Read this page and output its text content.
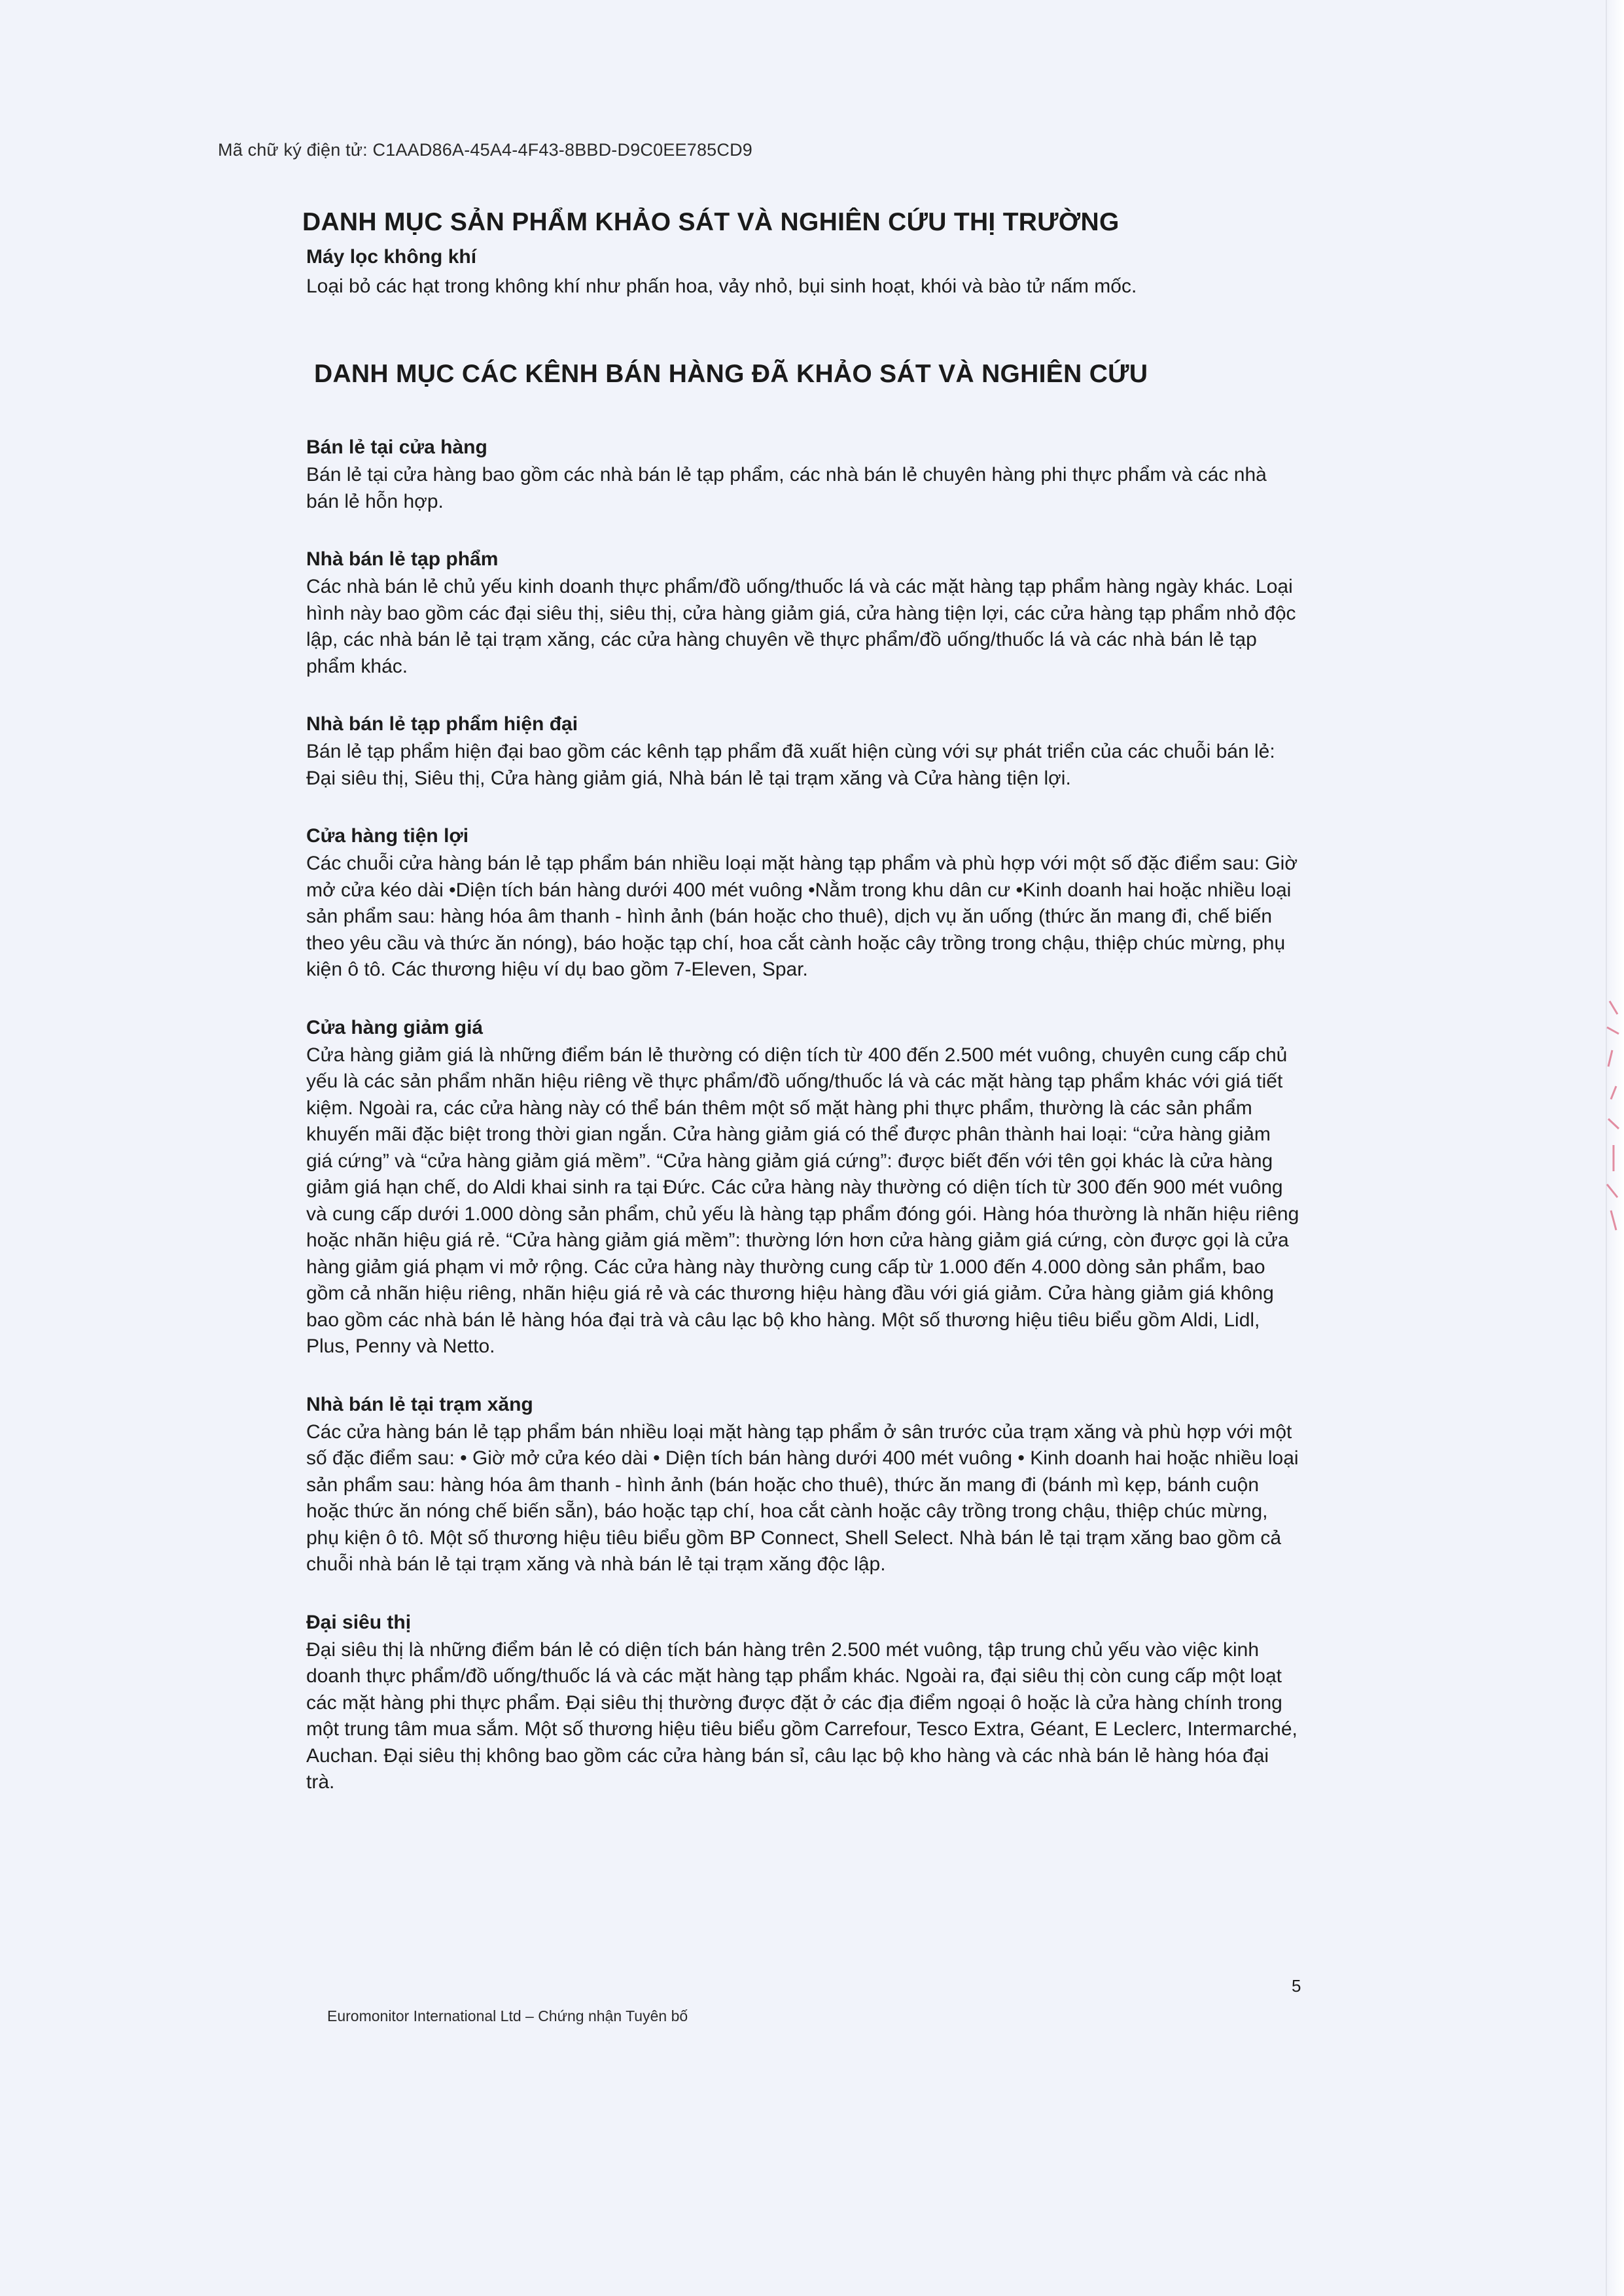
Mã chữ ký điện tử: C1AAD86A-45A4-4F43-8BBD-D9C0EE785CD9
DANH MỤC SẢN PHẨM KHẢO SÁT VÀ NGHIÊN CỨU THỊ TRƯỜNG
Máy lọc không khí

Loại bỏ các hạt trong không khí như phấn hoa, vảy nhỏ, bụi sinh hoạt, khói và bào tử nấm mốc.

DANH MỤC CÁC KÊNH BÁN HÀNG ĐÃ KHẢO SÁT VÀ NGHIÊN CỨU

Bán lẻ tại cửa hàng

Bán lẻ tại cửa hàng bao gồm các nhà bán lẻ tạp phẩm, các nhà bán lẻ chuyên hàng phi thực phẩm và các nhà bán lẻ hỗn hợp.

Nhà bán lẻ tạp phẩm

Các nhà bán lẻ chủ yếu kinh doanh thực phẩm/đồ uống/thuốc lá và các mặt hàng tạp phẩm hàng ngày khác. Loại hình này bao gồm các đại siêu thị, siêu thị, cửa hàng giảm giá, cửa hàng tiện lợi, các cửa hàng tạp phẩm nhỏ độc lập, các nhà bán lẻ tại trạm xăng, các cửa hàng chuyên về thực phẩm/đồ uống/thuốc lá và các nhà bán lẻ tạp phẩm khác.

Nhà bán lẻ tạp phẩm hiện đại

Bán lẻ tạp phẩm hiện đại bao gồm các kênh tạp phẩm đã xuất hiện cùng với sự phát triển của các chuỗi bán lẻ: Đại siêu thị, Siêu thị, Cửa hàng giảm giá, Nhà bán lẻ tại trạm xăng và Cửa hàng tiện lợi.

Cửa hàng tiện lợi

Các chuỗi cửa hàng bán lẻ tạp phẩm bán nhiều loại mặt hàng tạp phẩm và phù hợp với một số đặc điểm sau: Giờ mở cửa kéo dài •Diện tích bán hàng dưới 400 mét vuông •Nằm trong khu dân cư •Kinh doanh hai hoặc nhiều loại sản phẩm sau: hàng hóa âm thanh - hình ảnh (bán hoặc cho thuê), dịch vụ ăn uống (thức ăn mang đi, chế biến theo yêu cầu và thức ăn nóng), báo hoặc tạp chí, hoa cắt cành hoặc cây trồng trong chậu, thiệp chúc mừng, phụ kiện ô tô. Các thương hiệu ví dụ bao gồm 7-Eleven, Spar.

Cửa hàng giảm giá

Cửa hàng giảm giá là những điểm bán lẻ thường có diện tích từ 400 đến 2.500 mét vuông, chuyên cung cấp chủ yếu là các sản phẩm nhãn hiệu riêng về thực phẩm/đồ uống/thuốc lá và các mặt hàng tạp phẩm khác với giá tiết kiệm. Ngoài ra, các cửa hàng này có thể bán thêm một số mặt hàng phi thực phẩm, thường là các sản phẩm khuyến mãi đặc biệt trong thời gian ngắn. Cửa hàng giảm giá có thể được phân thành hai loại: “cửa hàng giảm giá cứng” và “cửa hàng giảm giá mềm”. “Cửa hàng giảm giá cứng”: được biết đến với tên gọi khác là cửa hàng giảm giá hạn chế, do Aldi khai sinh ra tại Đức. Các cửa hàng này thường có diện tích từ 300 đến 900 mét vuông và cung cấp dưới 1.000 dòng sản phẩm, chủ yếu là hàng tạp phẩm đóng gói. Hàng hóa thường là nhãn hiệu riêng hoặc nhãn hiệu giá rẻ. “Cửa hàng giảm giá mềm”: thường lớn hơn cửa hàng giảm giá cứng, còn được gọi là cửa hàng giảm giá phạm vi mở rộng. Các cửa hàng này thường cung cấp từ 1.000 đến 4.000 dòng sản phẩm, bao gồm cả nhãn hiệu riêng, nhãn hiệu giá rẻ và các thương hiệu hàng đầu với giá giảm. Cửa hàng giảm giá không bao gồm các nhà bán lẻ hàng hóa đại trà và câu lạc bộ kho hàng. Một số thương hiệu tiêu biểu gồm Aldi, Lidl, Plus, Penny và Netto.

Nhà bán lẻ tại trạm xăng

Các cửa hàng bán lẻ tạp phẩm bán nhiều loại mặt hàng tạp phẩm ở sân trước của trạm xăng và phù hợp với một số đặc điểm sau: • Giờ mở cửa kéo dài • Diện tích bán hàng dưới 400 mét vuông • Kinh doanh hai hoặc nhiều loại sản phẩm sau: hàng hóa âm thanh - hình ảnh (bán hoặc cho thuê), thức ăn mang đi (bánh mì kẹp, bánh cuộn hoặc thức ăn nóng chế biến sẵn), báo hoặc tạp chí, hoa cắt cành hoặc cây trồng trong chậu, thiệp chúc mừng, phụ kiện ô tô. Một số thương hiệu tiêu biểu gồm BP Connect, Shell Select. Nhà bán lẻ tại trạm xăng bao gồm cả chuỗi nhà bán lẻ tại trạm xăng và nhà bán lẻ tại trạm xăng độc lập.

Đại siêu thị

Đại siêu thị là những điểm bán lẻ có diện tích bán hàng trên 2.500 mét vuông, tập trung chủ yếu vào việc kinh doanh thực phẩm/đồ uống/thuốc lá và các mặt hàng tạp phẩm khác. Ngoài ra, đại siêu thị còn cung cấp một loạt các mặt hàng phi thực phẩm. Đại siêu thị thường được đặt ở các địa điểm ngoại ô hoặc là cửa hàng chính trong một trung tâm mua sắm. Một số thương hiệu tiêu biểu gồm Carrefour, Tesco Extra, Géant, E Leclerc, Intermarché, Auchan. Đại siêu thị không bao gồm các cửa hàng bán sỉ, câu lạc bộ kho hàng và các nhà bán lẻ hàng hóa đại trà.

5
Euromonitor International Ltd – Chứng nhận Tuyên bố
